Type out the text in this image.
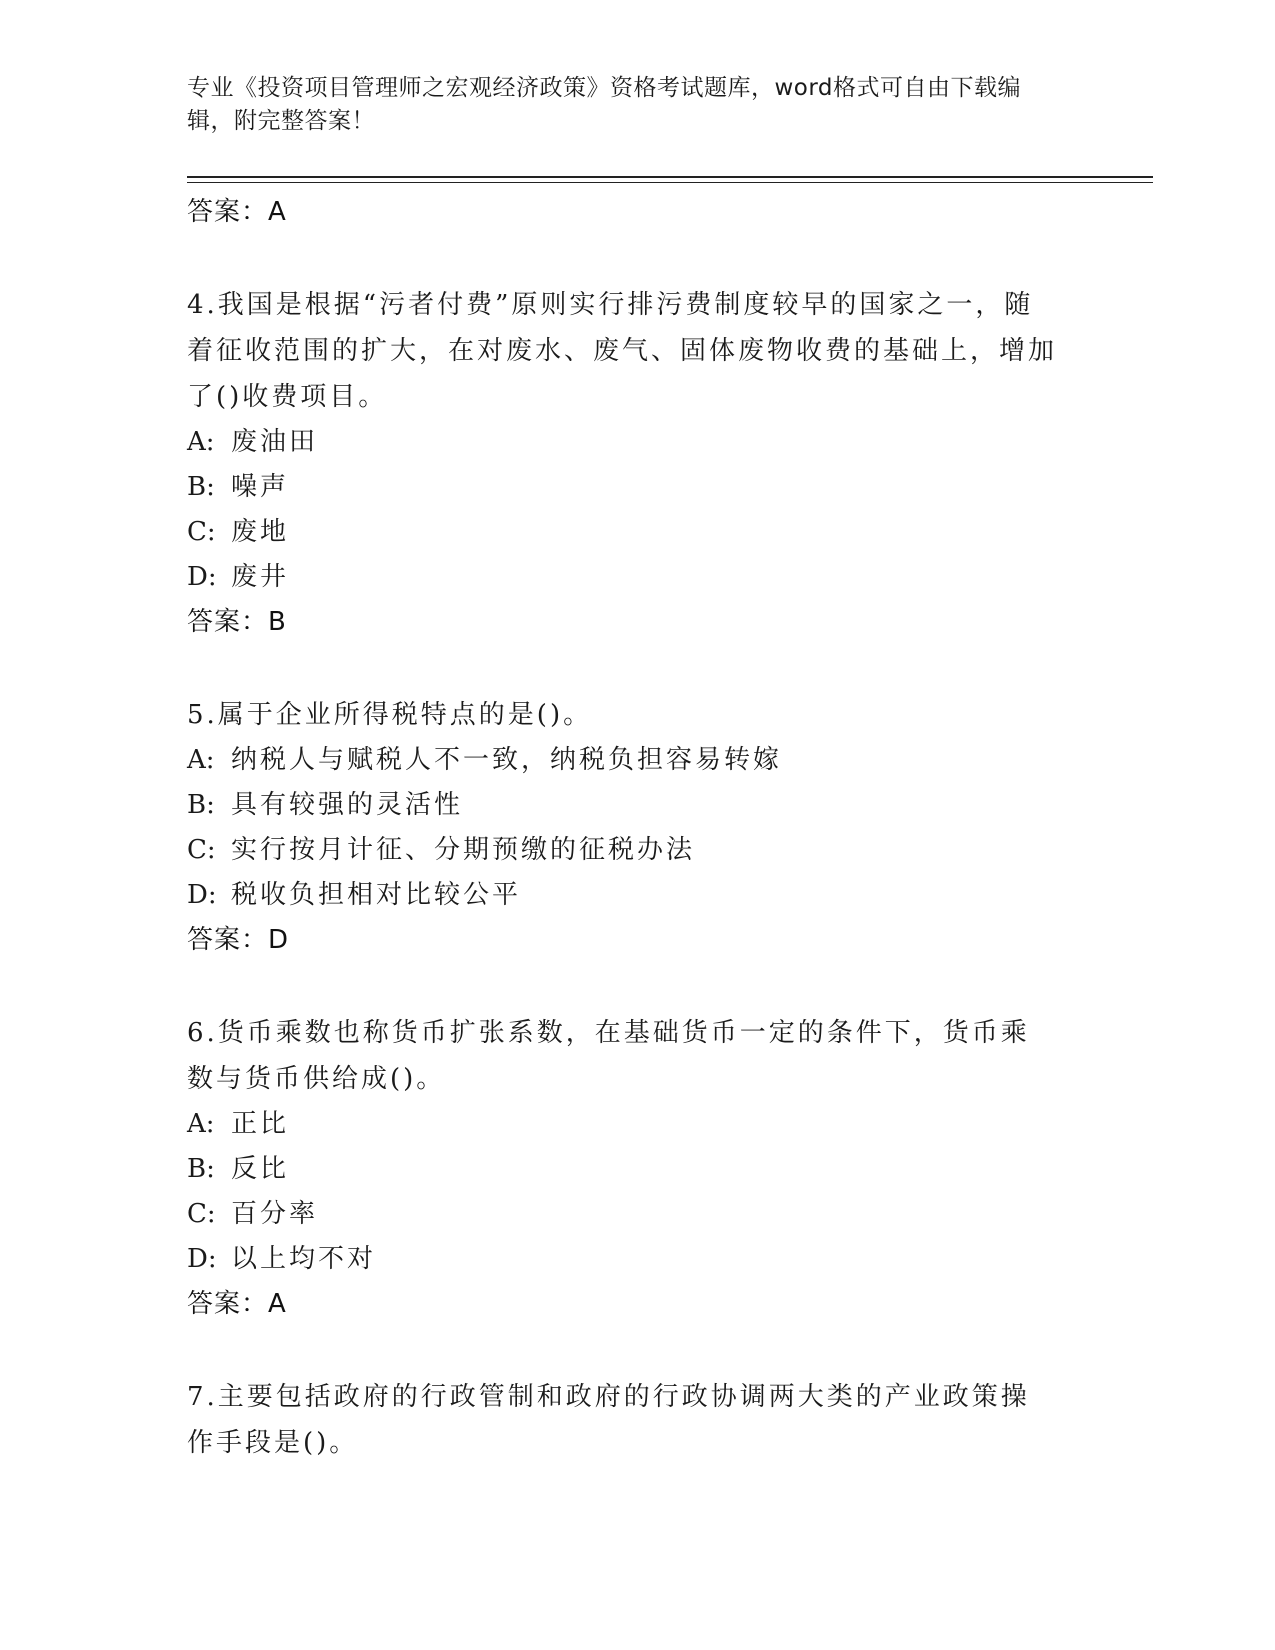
专业《投资项目管理师之宏观经济政策》资格考试题库，word格式可自由下载编辑，附完整答案！
答案：A
4.我国是根据“污者付费”原则实行排污费制度较早的国家之一，随着征收范围的扩大，在对废水、废气、固体废物收费的基础上，增加了()收费项目。
A: 废油田
B: 噪声
C: 废地
D: 废井
答案：B
5.属于企业所得税特点的是()。
A: 纳税人与赋税人不一致，纳税负担容易转嫁
B: 具有较强的灵活性
C: 实行按月计征、分期预缴的征税办法
D: 税收负担相对比较公平
答案：D
6.货币乘数也称货币扩张系数，在基础货币一定的条件下，货币乘数与货币供给成()。
A: 正比
B: 反比
C: 百分率
D: 以上均不对
答案：A
7.主要包括政府的行政管制和政府的行政协调两大类的产业政策操作手段是()。
